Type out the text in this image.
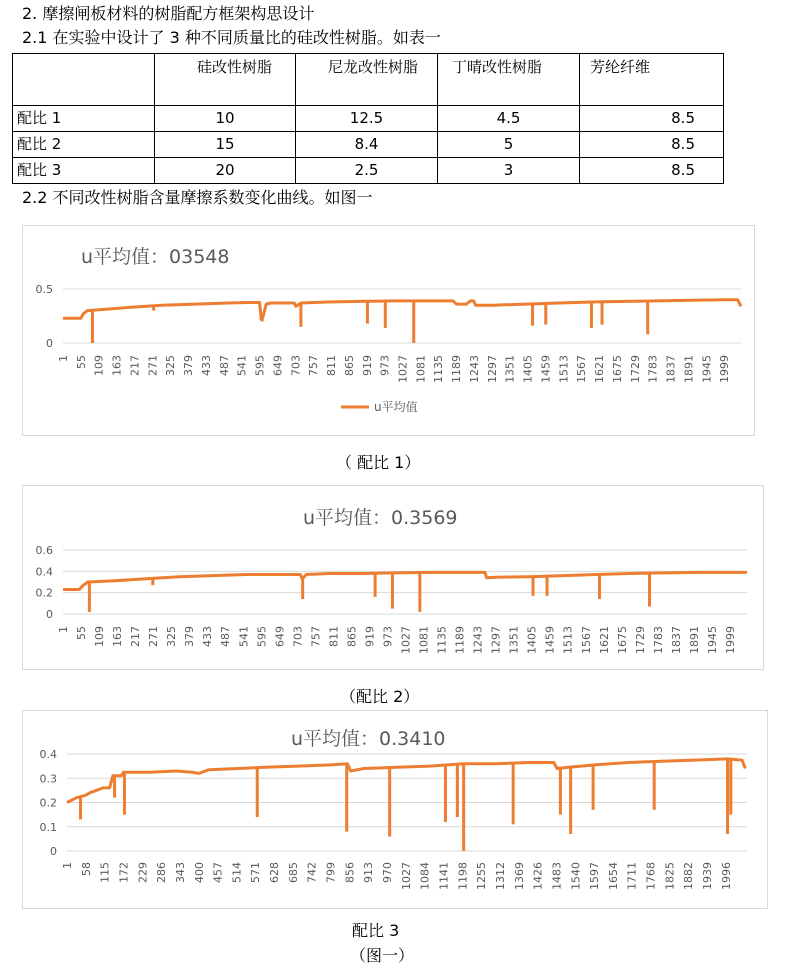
2. 摩擦闸板材料的树脂配方框架构思设计
2.1 在实验中设计了 3 种不同质量比的硅改性树脂。如表一
	硅改性树脂	尼龙改性树脂	丁晴改性树脂	芳纶纤维
配比 1	10	12.5	4.5	8.5
配比 2	15	8.4	5	8.5
配比 3	20	2.5	3	8.5
2.2 不同改性树脂含量摩擦系数变化曲线。如图一
u平均值：03548
0
0.5
1 55 109 163 217 271 325 379 433 487 541 595 649 703 757 811 865 919 973 1027 1081 1135 1189 1243 1297 1351 1405 1459 1513 1567 1621 1675 1729 1783 1837 1891 1945 1999
u平均值
（ 配比 1）
u平均值：0.3569
0
0.2
0.4
0.6
1 55 109 163 217 271 325 379 433 487 541 595 649 703 757 811 865 919 973 1027 1081 1135 1189 1243 1297 1351 1405 1459 1513 1567 1621 1675 1729 1783 1837 1891 1945 1999
（配比 2）
u平均值：0.3410
0
0.1
0.2
0.3
0.4
1 58 115 172 229 286 343 400 457 514 571 628 685 742 799 856 913 970 1027 1084 1141 1198 1255 1312 1369 1426 1483 1540 1597 1654 1711 1768 1825 1882 1939 1996
配比 3
（图一）
